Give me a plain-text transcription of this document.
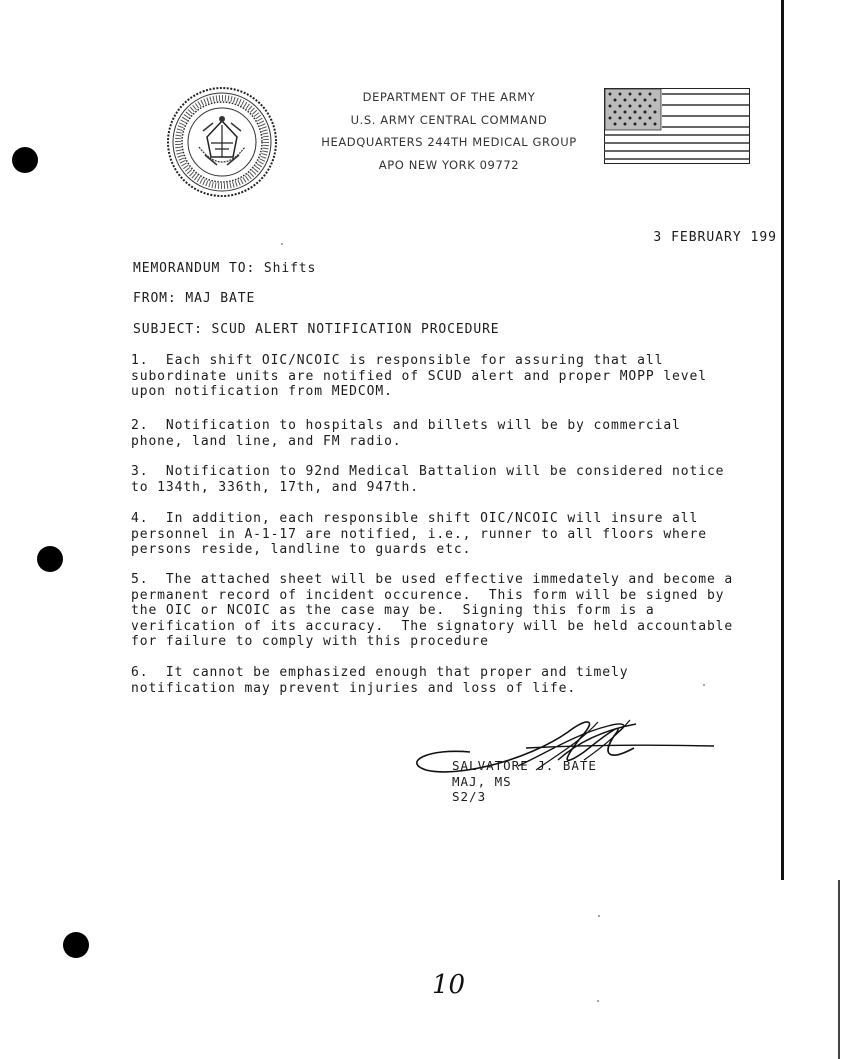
DEPARTMENT OF THE ARMY
U.S. ARMY CENTRAL COMMAND
HEADQUARTERS 244TH MEDICAL GROUP
APO NEW YORK 09772
3 FEBRUARY 199
MEMORANDUM TO: Shifts
FROM: MAJ BATE
SUBJECT: SCUD ALERT NOTIFICATION PROCEDURE
1.  Each shift OIC/NCOIC is responsible for assuring that all
subordinate units are notified of SCUD alert and proper MOPP level
upon notification from MEDCOM.
2.  Notification to hospitals and billets will be by commercial
phone, land line, and FM radio.
3.  Notification to 92nd Medical Battalion will be considered notice
to 134th, 336th, 17th, and 947th.
4.  In addition, each responsible shift OIC/NCOIC will insure all
personnel in A-1-17 are notified, i.e., runner to all floors where
persons reside, landline to guards etc.
5.  The attached sheet will be used effective immedately and become a
permanent record of incident occurence.  This form will be signed by
the OIC or NCOIC as the case may be.  Signing this form is a
verification of its accuracy.  The signatory will be held accountable
for failure to comply with this procedure
6.  It cannot be emphasized enough that proper and timely
notification may prevent injuries and loss of life.
SALVATORE J. BATE
MAJ, MS
S2/3
10
